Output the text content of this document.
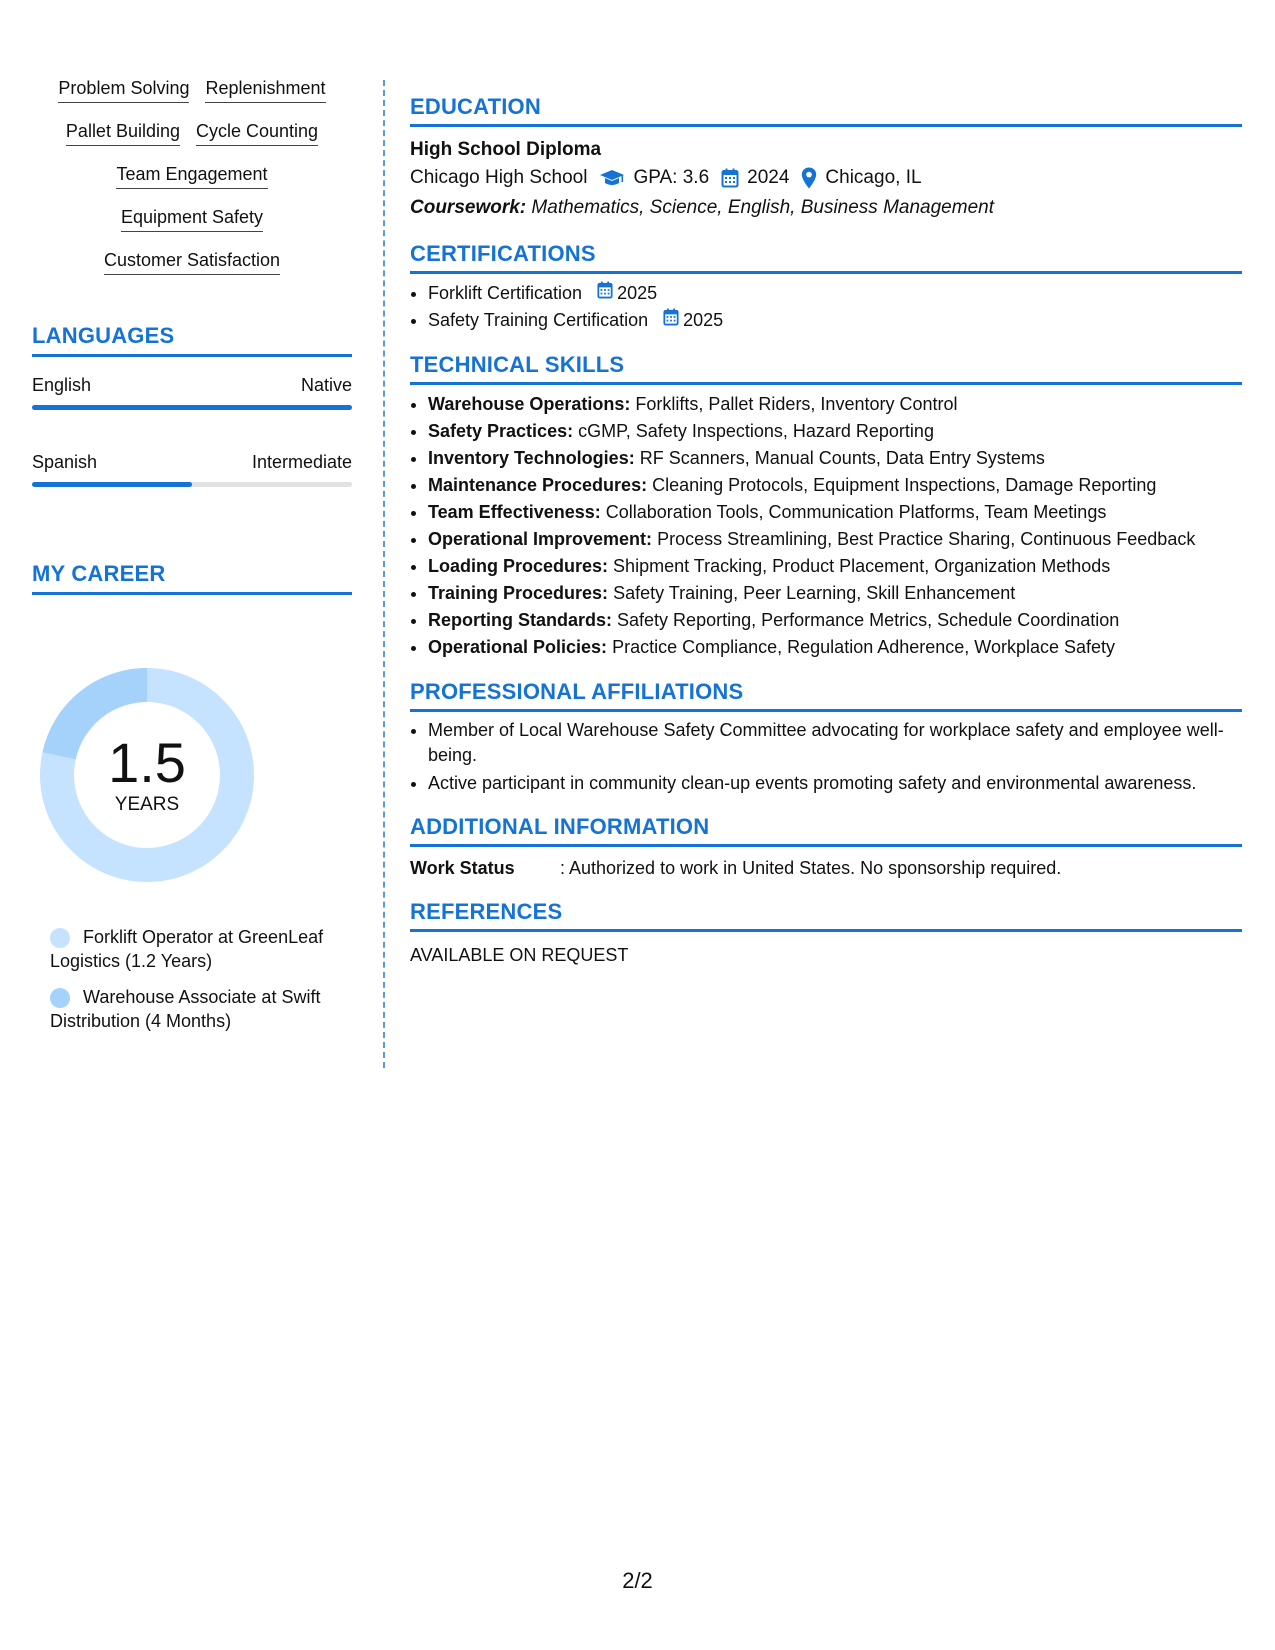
Problem Solving Replenishment
Pallet Building Cycle Counting
Team Engagement
Equipment Safety
Customer Satisfaction
LANGUAGES
English	Native
Spanish	Intermediate
MY CAREER
1.5
YEARS
Forklift Operator at GreenLeaf Logistics (1.2 Years)
Warehouse Associate at Swift Distribution (4 Months)
EDUCATION
High School Diploma
Chicago High School GPA: 3.6 2024 Chicago, IL
Coursework: Mathematics, Science, English, Business Management
CERTIFICATIONS
• Forklift Certification 2025
• Safety Training Certification 2025
TECHNICAL SKILLS
• Warehouse Operations: Forklifts, Pallet Riders, Inventory Control
• Safety Practices: cGMP, Safety Inspections, Hazard Reporting
• Inventory Technologies: RF Scanners, Manual Counts, Data Entry Systems
• Maintenance Procedures: Cleaning Protocols, Equipment Inspections, Damage Reporting
• Team Effectiveness: Collaboration Tools, Communication Platforms, Team Meetings
• Operational Improvement: Process Streamlining, Best Practice Sharing, Continuous Feedback
• Loading Procedures: Shipment Tracking, Product Placement, Organization Methods
• Training Procedures: Safety Training, Peer Learning, Skill Enhancement
• Reporting Standards: Safety Reporting, Performance Metrics, Schedule Coordination
• Operational Policies: Practice Compliance, Regulation Adherence, Workplace Safety
PROFESSIONAL AFFILIATIONS
• Member of Local Warehouse Safety Committee advocating for workplace safety and employee well-being.
• Active participant in community clean-up events promoting safety and environmental awareness.
ADDITIONAL INFORMATION
Work Status	: Authorized to work in United States. No sponsorship required.
REFERENCES
AVAILABLE ON REQUEST
2/2
